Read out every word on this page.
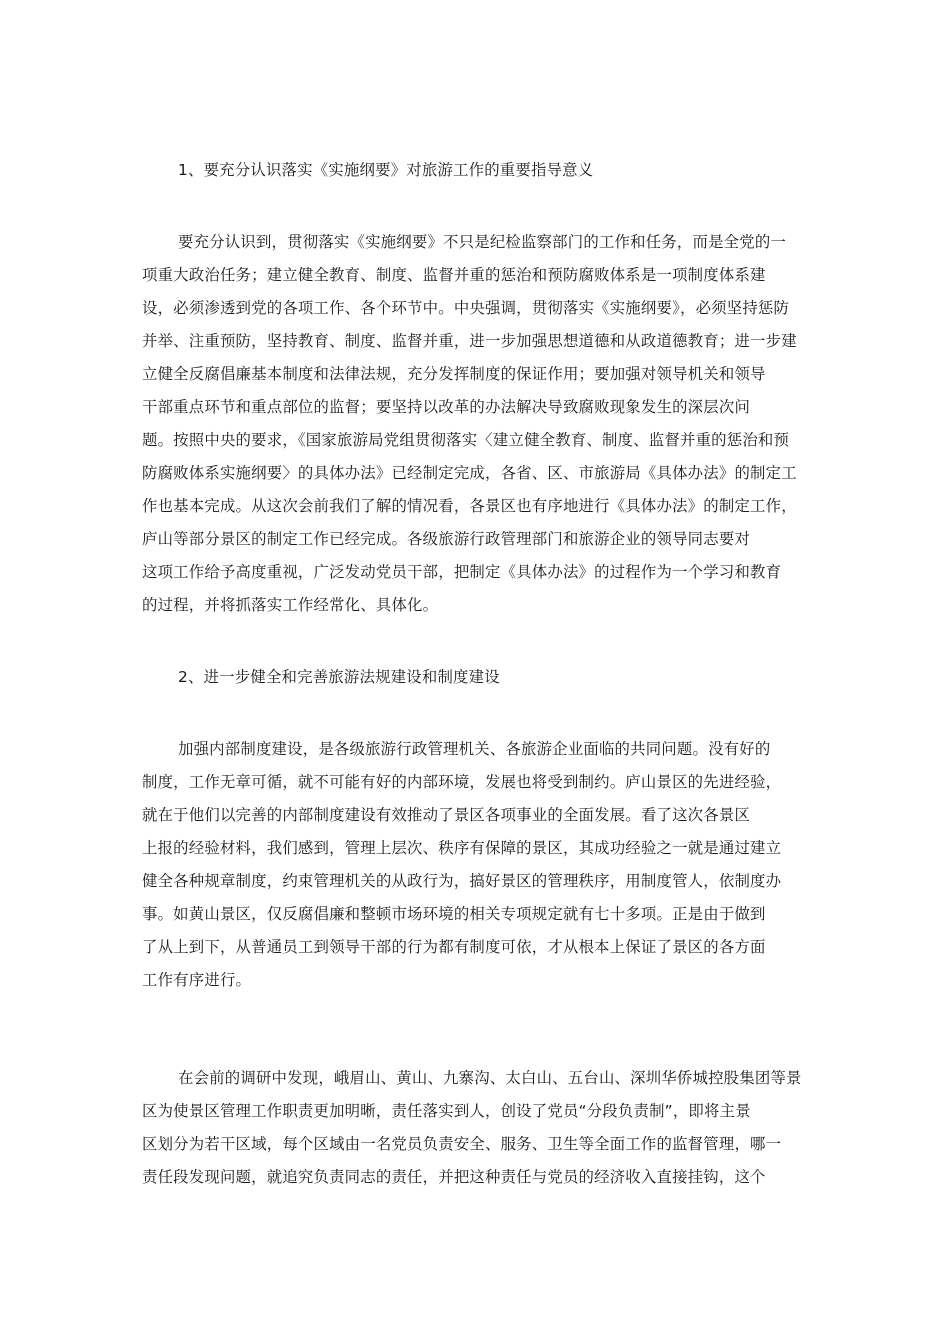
1、要充分认识落实《实施纲要》对旅游工作的重要指导意义
要充分认识到，贯彻落实《实施纲要》不只是纪检监察部门的工作和任务，而是全党的一
项重大政治任务；建立健全教育、制度、监督并重的惩治和预防腐败体系是一项制度体系建
设，必须渗透到党的各项工作、各个环节中。中央强调，贯彻落实《实施纲要》，必须坚持惩防
并举、注重预防，坚持教育、制度、监督并重，进一步加强思想道德和从政道德教育；进一步建
立健全反腐倡廉基本制度和法律法规，充分发挥制度的保证作用；要加强对领导机关和领导
干部重点环节和重点部位的监督；要坚持以改革的办法解决导致腐败现象发生的深层次问
题。按照中央的要求，《国家旅游局党组贯彻落实〈建立健全教育、制度、监督并重的惩治和预
防腐败体系实施纲要〉的具体办法》已经制定完成，各省、区、市旅游局《具体办法》的制定工
作也基本完成。从这次会前我们了解的情况看，各景区也有序地进行《具体办法》的制定工作，
庐山等部分景区的制定工作已经完成。各级旅游行政管理部门和旅游企业的领导同志要对
这项工作给予高度重视，广泛发动党员干部，把制定《具体办法》的过程作为一个学习和教育
的过程，并将抓落实工作经常化、具体化。
2、进一步健全和完善旅游法规建设和制度建设
加强内部制度建设，是各级旅游行政管理机关、各旅游企业面临的共同问题。没有好的
制度，工作无章可循，就不可能有好的内部环境，发展也将受到制约。庐山景区的先进经验，
就在于他们以完善的内部制度建设有效推动了景区各项事业的全面发展。看了这次各景区
上报的经验材料，我们感到，管理上层次、秩序有保障的景区，其成功经验之一就是通过建立
健全各种规章制度，约束管理机关的从政行为，搞好景区的管理秩序，用制度管人，依制度办
事。如黄山景区，仅反腐倡廉和整顿市场环境的相关专项规定就有七十多项。正是由于做到
了从上到下，从普通员工到领导干部的行为都有制度可依，才从根本上保证了景区的各方面
工作有序进行。
在会前的调研中发现，峨眉山、黄山、九寨沟、太白山、五台山、深圳华侨城控股集团等景
区为使景区管理工作职责更加明晰，责任落实到人，创设了党员“分段负责制”，即将主景
区划分为若干区域，每个区域由一名党员负责安全、服务、卫生等全面工作的监督管理，哪一
责任段发现问题，就追究负责同志的责任，并把这种责任与党员的经济收入直接挂钩，这个
